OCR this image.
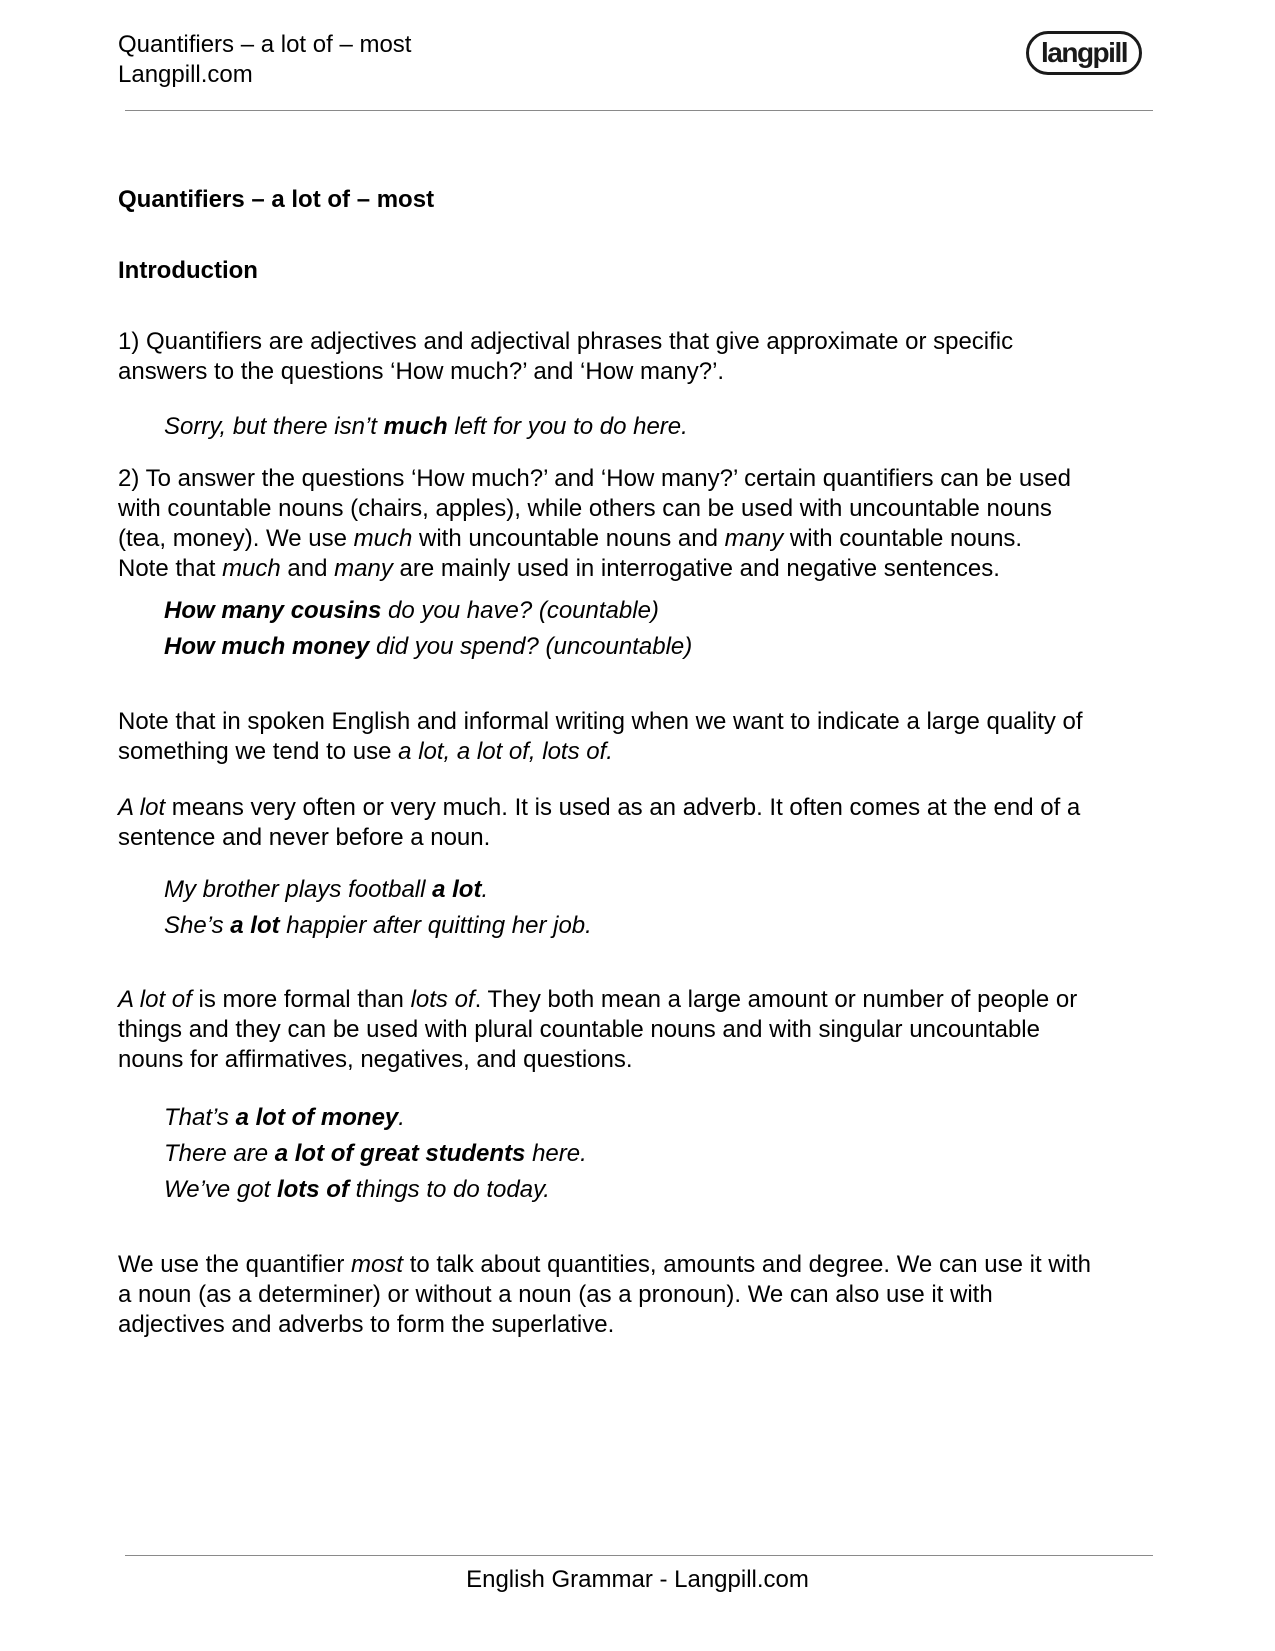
Quantifiers – a lot of – most
Langpill.com
langpill
Quantifiers – a lot of – most
Introduction
1) Quantifiers are adjectives and adjectival phrases that give approximate or specific
answers to the questions ‘How much?’ and ‘How many?’.
Sorry, but there isn’t much left for you to do here.
2) To answer the questions ‘How much?’ and ‘How many?’ certain quantifiers can be used
with countable nouns (chairs, apples), while others can be used with uncountable nouns
(tea, money). We use much with uncountable nouns and many with countable nouns.
Note that much and many are mainly used in interrogative and negative sentences.
How many cousins do you have? (countable)
How much money did you spend? (uncountable)
Note that in spoken English and informal writing when we want to indicate a large quality of
something we tend to use a lot, a lot of, lots of.
A lot means very often or very much. It is used as an adverb. It often comes at the end of a
sentence and never before a noun.
My brother plays football a lot.
She’s a lot happier after quitting her job.
A lot of is more formal than lots of. They both mean a large amount or number of people or
things and they can be used with plural countable nouns and with singular uncountable
nouns for affirmatives, negatives, and questions.
That’s a lot of money.
There are a lot of great students here.
We’ve got lots of things to do today.
We use the quantifier most to talk about quantities, amounts and degree. We can use it with
a noun (as a determiner) or without a noun (as a pronoun). We can also use it with
adjectives and adverbs to form the superlative.
English Grammar - Langpill.com
